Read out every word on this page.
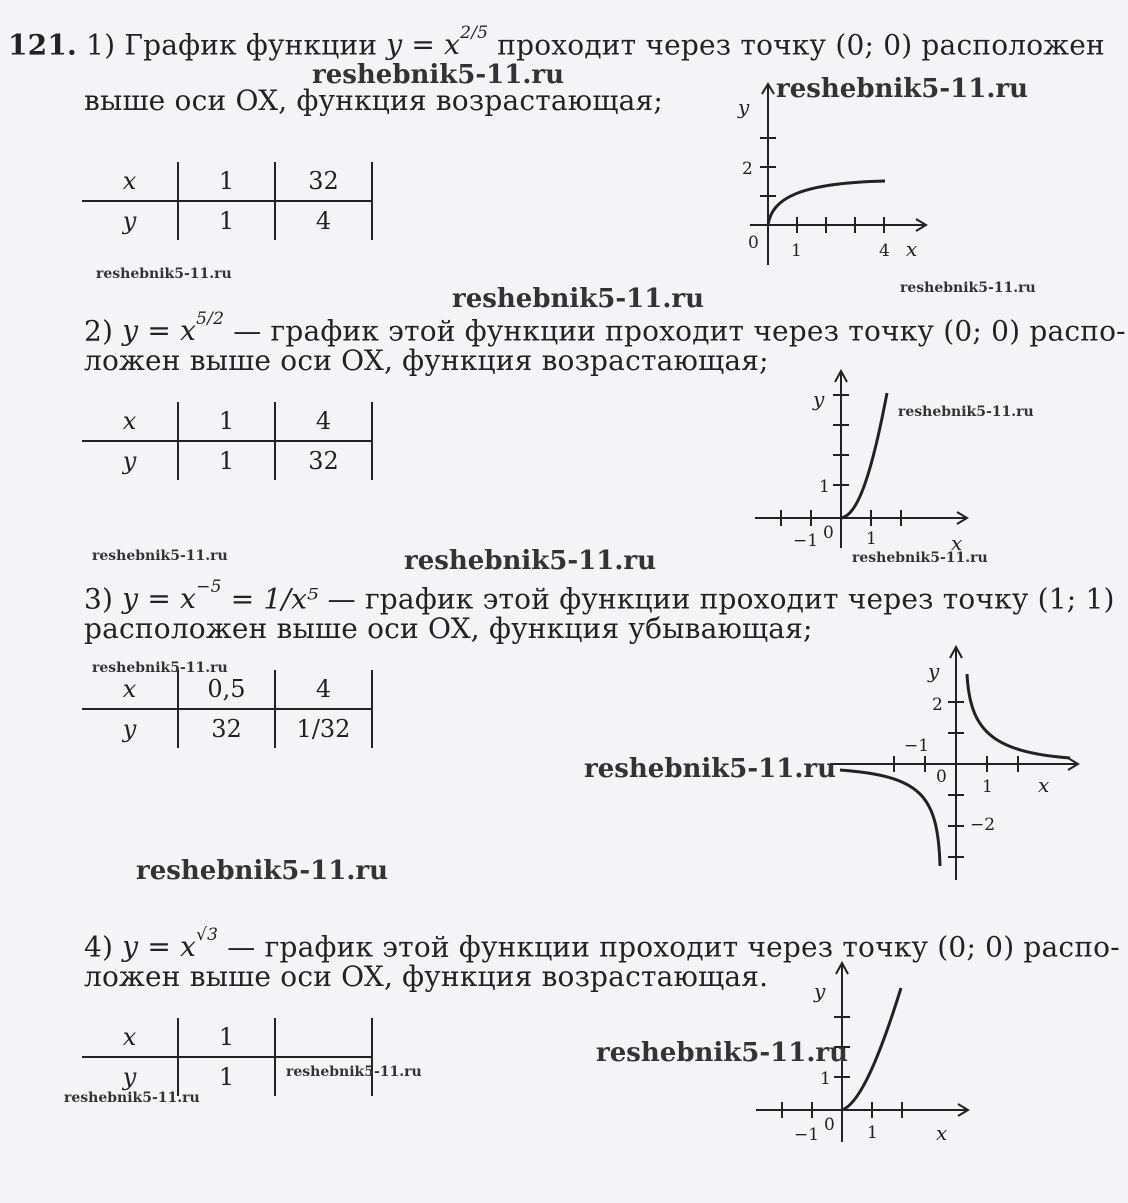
121. 1) График функции $y = x^{2/5}$ проходит через точку (0; 0) расположен
выше оси OX, функция возрастающая;
x	1	32
y	1	4
y
x
2
0 1	4
2) $y = x^{5/2}$ — график этой функции проходит через точку (0; 0) распо-
ложен выше оси OX, функция возрастающая;
x	1	4
y	1	32
y
x
1
−1 0 1
3) $y = x^{-5} = 1/x^5$ — график этой функции проходит через точку (1; 1)
расположен выше оси OX, функция убывающая;
x	0,5	4
y	32	1/32
y
x
2
−1
0 1
−2
4) $y = x^{√3}$ — график этой функции проходит через точку (0; 0) распо-
ложен выше оси OX, функция возрастающая.
x	1	
y	1	
y
x
1
−1 0 1
reshebnik5-11.ru	reshebnik5-11.ru
reshebnik5-11.ru
reshebnik5-11.ru	reshebnik5-11.ru
reshebnik5-11.ru
reshebnik5-11.ru	reshebnik5-11.ru	reshebnik5-11.ru
reshebnik5-11.ru
reshebnik5-11.ru
reshebnik5-11.ru
reshebnik5-11.ru
reshebnik5-11.ru
reshebnik5-11.ru
